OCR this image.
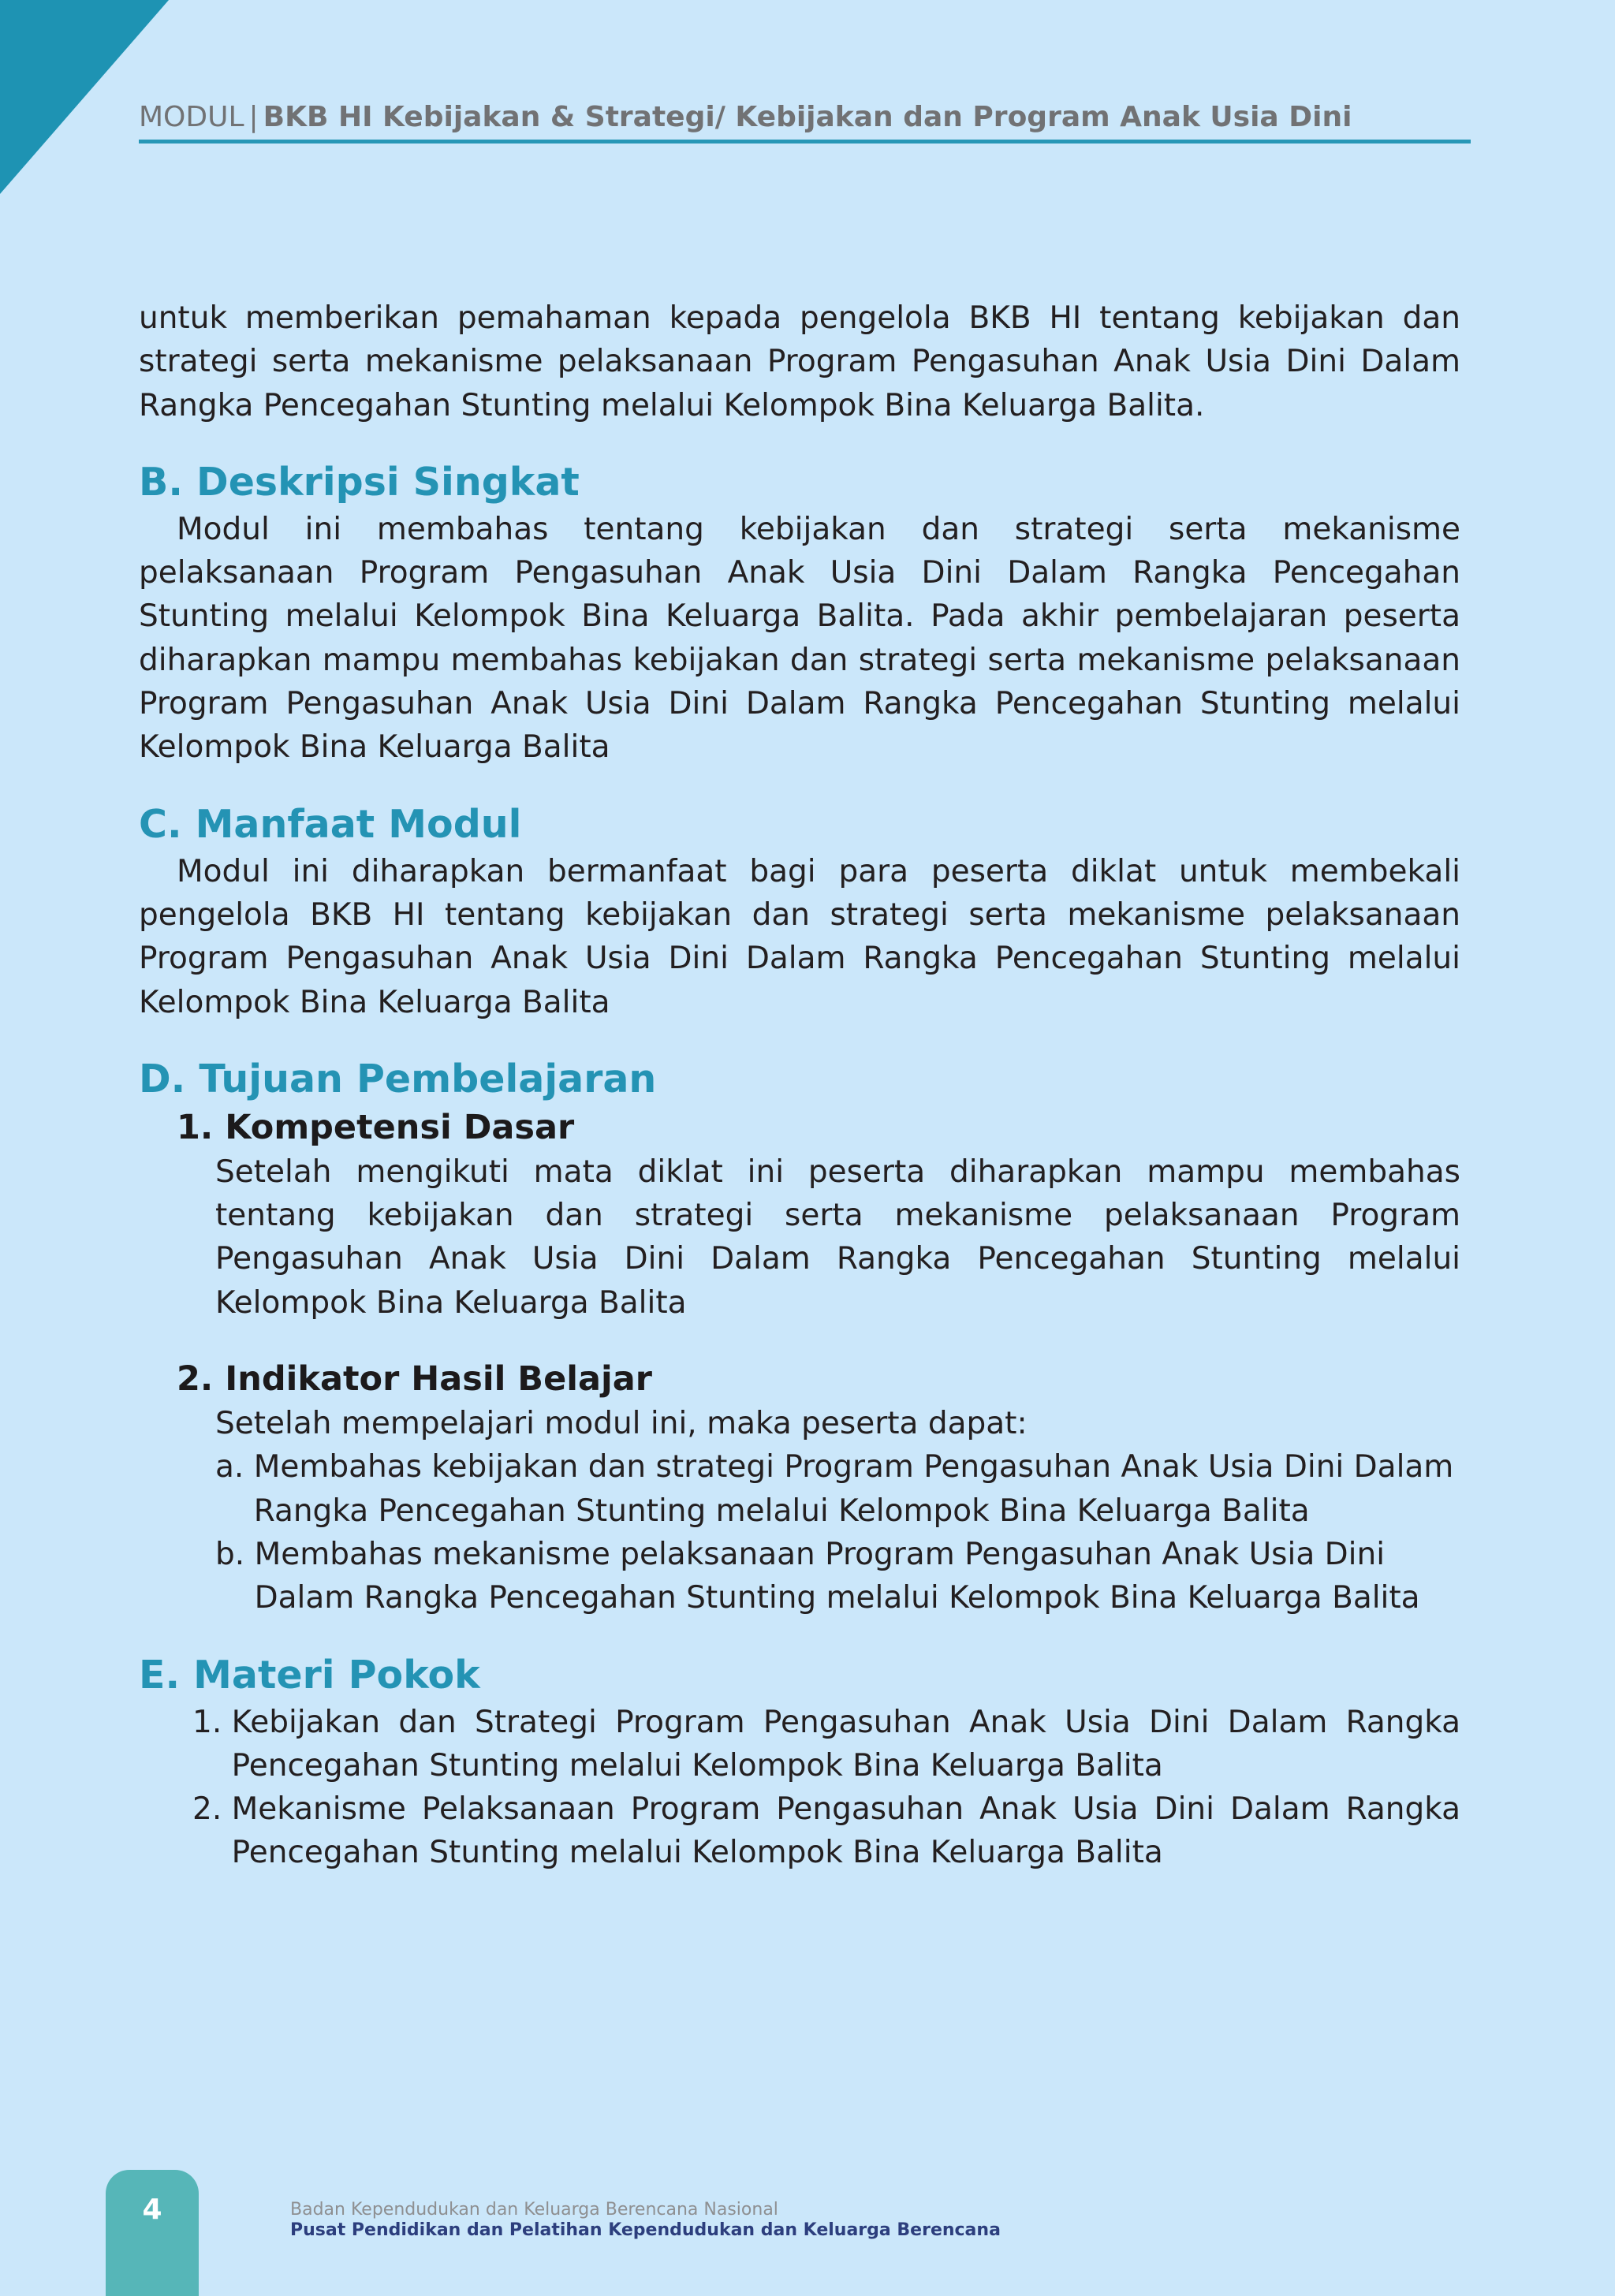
MODUL | BKB HI Kebijakan & Strategi/ Kebijakan dan Program Anak Usia Dini

untuk memberikan pemahaman kepada pengelola BKB HI tentang kebijakan dan strategi serta mekanisme pelaksanaan Program Pengasuhan Anak Usia Dini Dalam Rangka Pencegahan Stunting melalui Kelompok Bina Keluarga Balita.

B. Deskripsi Singkat

Modul ini membahas tentang kebijakan dan strategi serta mekanisme pelaksanaan Program Pengasuhan Anak Usia Dini Dalam Rangka Pencegahan Stunting melalui Kelompok Bina Keluarga Balita. Pada akhir pembelajaran peserta diharapkan mampu membahas kebijakan dan strategi serta mekanisme pelaksanaan Program Pengasuhan Anak Usia Dini Dalam Rangka Pencegahan Stunting melalui Kelompok Bina Keluarga Balita

C. Manfaat Modul

Modul ini diharapkan bermanfaat bagi para peserta diklat untuk membekali pengelola BKB HI tentang kebijakan dan strategi serta mekanisme pelaksanaan Program Pengasuhan Anak Usia Dini Dalam Rangka Pencegahan Stunting melalui Kelompok Bina Keluarga Balita

D. Tujuan Pembelajaran
1. Kompetensi Dasar

Setelah mengikuti mata diklat ini peserta diharapkan mampu membahas tentang kebijakan dan strategi serta mekanisme pelaksanaan Program Pengasuhan Anak Usia Dini Dalam Rangka Pencegahan Stunting melalui Kelompok Bina Keluarga Balita

2. Indikator Hasil Belajar

Setelah mempelajari modul ini, maka peserta dapat:

a. Membahas kebijakan dan strategi Program Pengasuhan Anak Usia Dini Dalam Rangka Pencegahan Stunting melalui Kelompok Bina Keluarga Balita
b. Membahas mekanisme pelaksanaan Program Pengasuhan Anak Usia Dini Dalam Rangka Pencegahan Stunting melalui Kelompok Bina Keluarga Balita
E. Materi Pokok
1. Kebijakan dan Strategi Program Pengasuhan Anak Usia Dini Dalam Rangka Pencegahan Stunting melalui Kelompok Bina Keluarga Balita
2. Mekanisme Pelaksanaan Program Pengasuhan Anak Usia Dini Dalam Rangka Pencegahan Stunting melalui Kelompok Bina Keluarga Balita
4	Badan Kependudukan dan Keluarga Berencana Nasional
Pusat Pendidikan dan Pelatihan Kependudukan dan Keluarga Berencana
